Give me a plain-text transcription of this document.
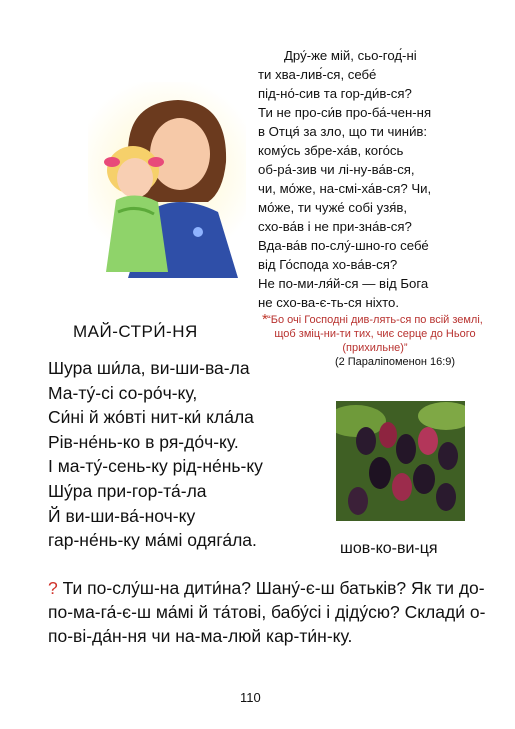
Дру́-же мій, сьо-год́-ні
ти хва-лив́-ся, себе́
під-но́-сив та гор-ди́в-ся?
Ти не про-си́в про-ба́-чен-ня
в Отця́ за зло, що ти чини́в:
кому́сь збре-ха́в, кого́сь
об-ра́-зив чи лі-ну-ва́в-ся,
чи, мо́же, на-смі-ха́в-ся? Чи,
мо́же, ти чуже́ собі узя́в,
схо-ва́в і не при-зна́в-ся?
Вда-ва́в по-слу́-шно-го себе́
від Го́спода хо-ва́в-ся?
Не по-ми-ля́й-ся — від Бога
не схо-ва-є-ть-ся ніхто.
МАЙ-СТРИ́-НЯ
* “Бо очі Господні див-лять-ся по всій землі, щоб зміц-ни-ти тих, чиє серце до Нього (прихильне)”
(2 Параліпоменон 16:9)
Шура ши́ла, ви-ши-ва-ла
Ма-ту́-сі со-ро́ч-ку,
Си́ні й жо́вті нит-ки́ кла́ла
Рів-не́нь-ко в ря-до́ч-ку.
І ма-ту́-сень-ку рід-не́нь-ку
Шу́ра при-гор-та́-ла
Й ви-ши-ва́-ноч-ку
гар-не́нь-ку ма́мі одяга́ла.	шов-ко-ви-ця
? Ти по-слу́ш-на дити́на? Шану́-є-ш батьків? Як ти до-по-ма-га́-є-ш ма́мі й та́тові, бабу́сі і діду́сю? Склади́ о-по-ві-да́н-ня чи на-ма-люй кар-ти́н-ку.
110
